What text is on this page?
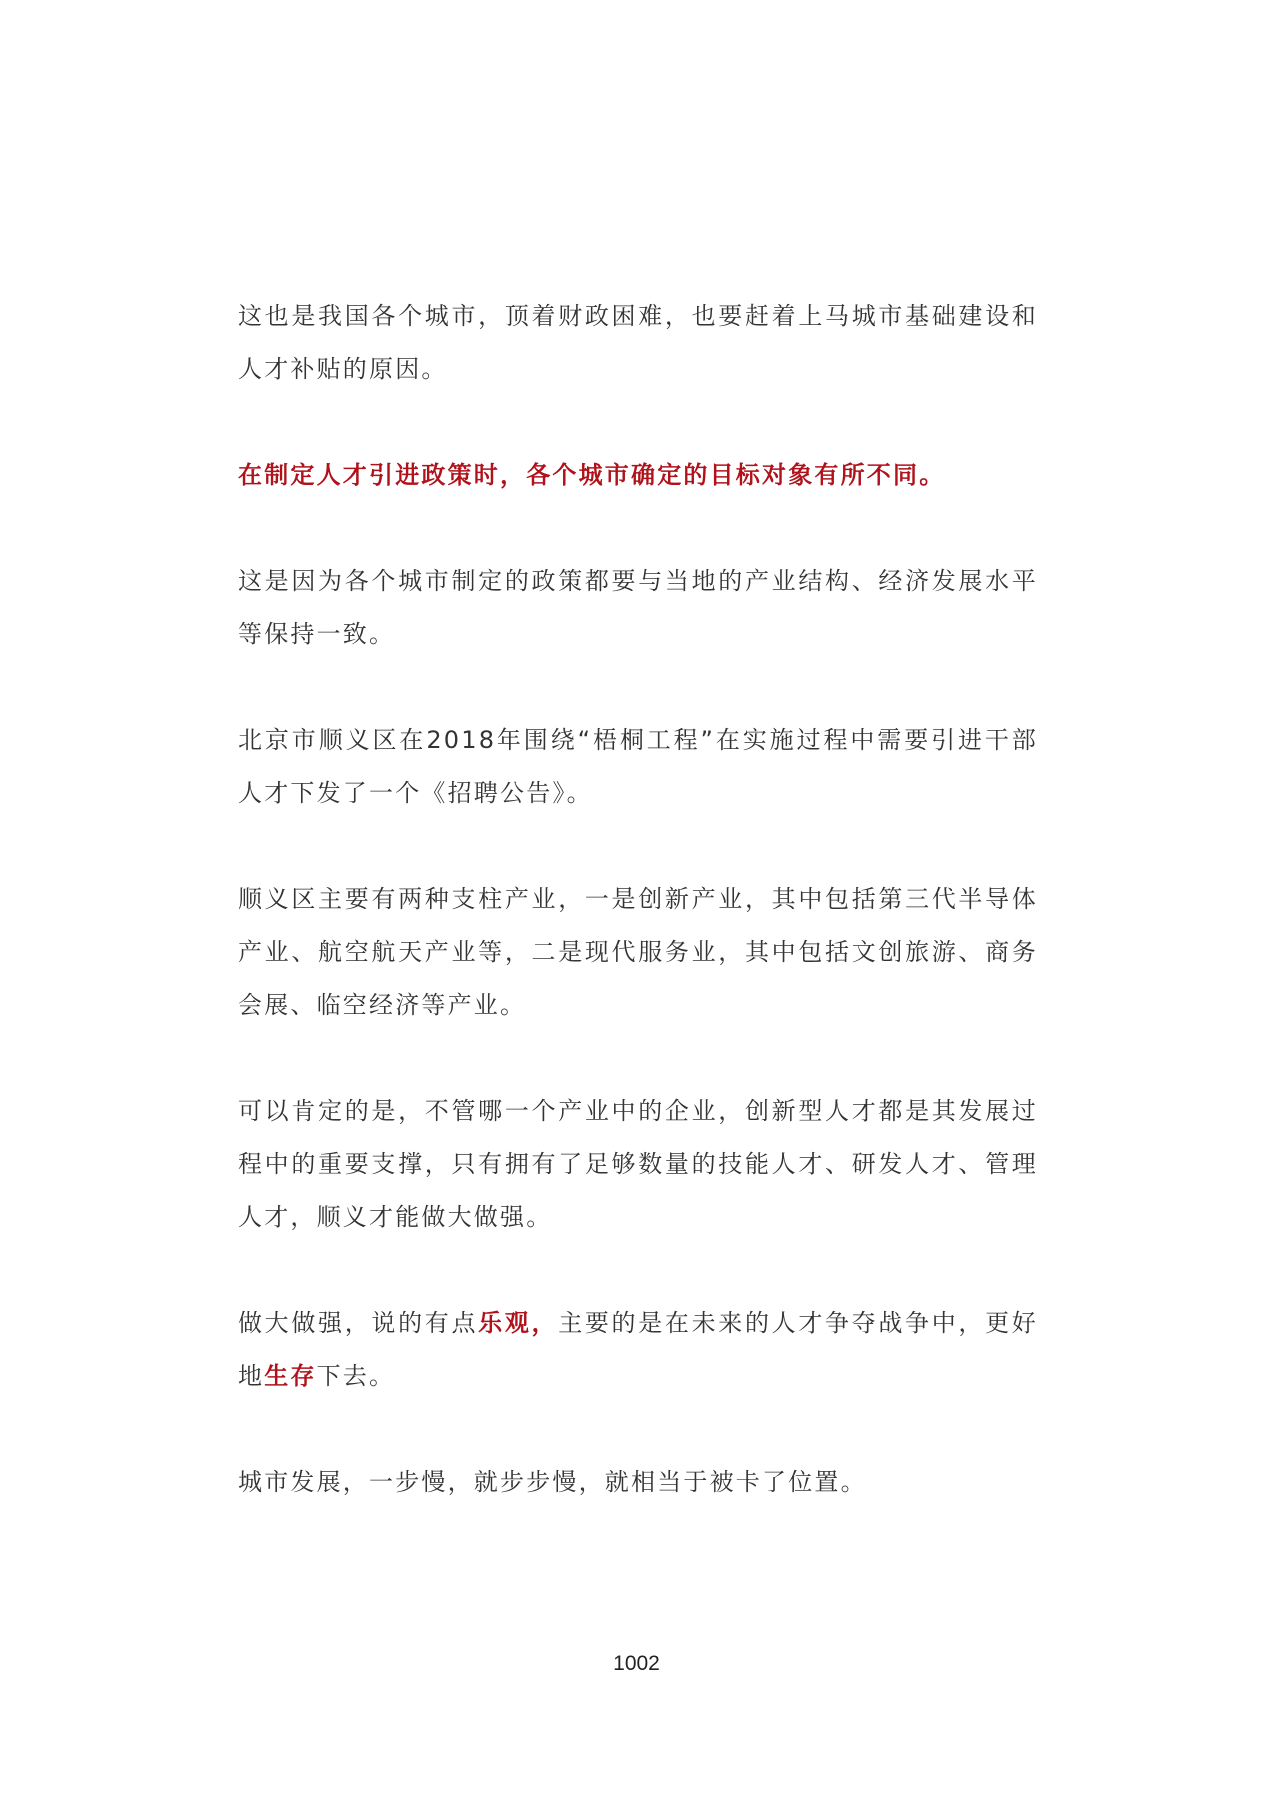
这也是我国各个城市，顶着财政困难，也要赶着上马城市基础建设和人才补贴的原因。

在制定人才引进政策时，各个城市确定的目标对象有所不同。

这是因为各个城市制定的政策都要与当地的产业结构、经济发展水平等保持一致。

北京市顺义区在2018年围绕“梧桐工程”在实施过程中需要引进干部人才下发了一个《招聘公告》。

顺义区主要有两种支柱产业，一是创新产业，其中包括第三代半导体产业、航空航天产业等，二是现代服务业，其中包括文创旅游、商务会展、临空经济等产业。

可以肯定的是，不管哪一个产业中的企业，创新型人才都是其发展过程中的重要支撑，只有拥有了足够数量的技能人才、研发人才、管理人才，顺义才能做大做强。

做大做强，说的有点乐观，主要的是在未来的人才争夺战争中，更好地生存下去。

城市发展，一步慢，就步步慢，就相当于被卡了位置。

1002
